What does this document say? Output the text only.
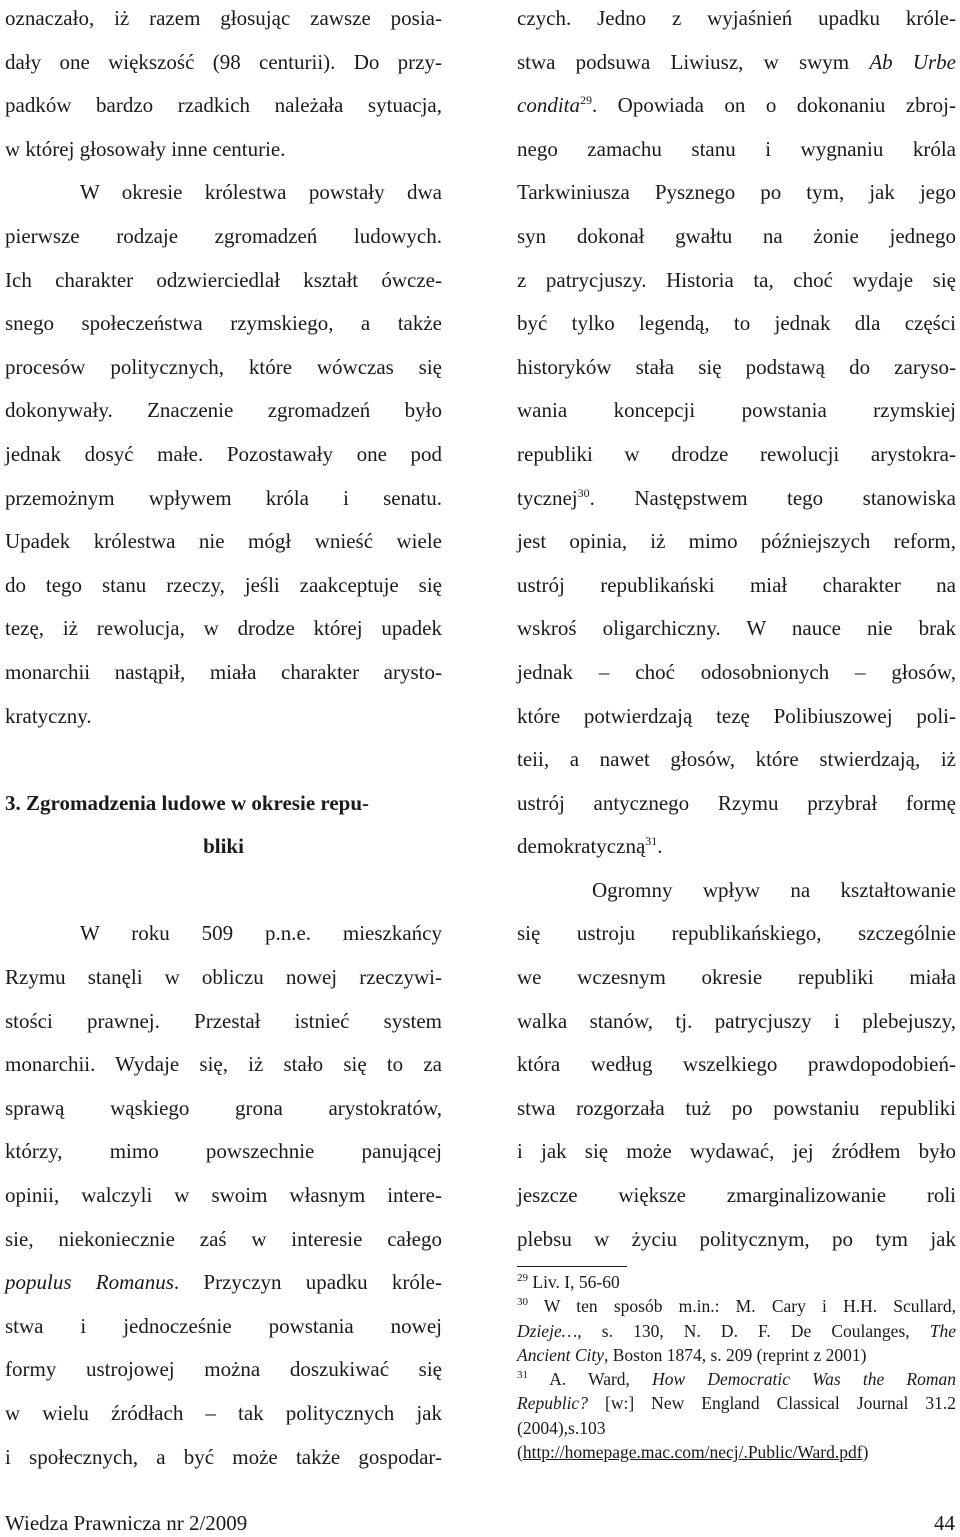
oznaczało, iż razem głosując zawsze posia-
dały one większość (98 centurii). Do przy-
padków bardzo rzadkich należała sytuacja,
w której głosowały inne centurie.
W okresie królestwa powstały dwa
pierwsze rodzaje zgromadzeń ludowych.
Ich charakter odzwierciedlał kształt ówcze-
snego społeczeństwa rzymskiego, a także
procesów politycznych, które wówczas się
dokonywały. Znaczenie zgromadzeń było
jednak dosyć małe. Pozostawały one pod
przemożnym wpływem króla i senatu.
Upadek królestwa nie mógł wnieść wiele
do tego stanu rzeczy, jeśli zaakceptuje się
tezę, iż rewolucja, w drodze której upadek
monarchii nastąpił, miała charakter arysto-
kratyczny.
3. Zgromadzenia ludowe w okresie repu-
bliki
W roku 509 p.n.e. mieszkańcy
Rzymu stanęli w obliczu nowej rzeczywi-
stości prawnej. Przestał istnieć system
monarchii. Wydaje się, iż stało się to za
sprawą wąskiego grona arystokratów,
którzy, mimo powszechnie panującej
opinii, walczyli w swoim własnym intere-
sie, niekoniecznie zaś w interesie całego
populus Romanus. Przyczyn upadku króle-
stwa i jednocześnie powstania nowej
formy ustrojowej można doszukiwać się
w wielu źródłach – tak politycznych jak
i społecznych, a być może także gospodar-
czych. Jedno z wyjaśnień upadku króle-
stwa podsuwa Liwiusz, w swym Ab Urbe
condita$^{29}$. Opowiada on o dokonaniu zbroj-
nego zamachu stanu i wygnaniu króla
Tarkwiniusza Pysznego po tym, jak jego
syn dokonał gwałtu na żonie jednego
z patrycjuszy. Historia ta, choć wydaje się
być tylko legendą, to jednak dla części
historyków stała się podstawą do zaryso-
wania koncepcji powstania rzymskiej
republiki w drodze rewolucji arystokra-
tycznej$^{30}$. Następstwem tego stanowiska
jest opinia, iż mimo późniejszych reform,
ustrój republikański miał charakter na
wskroś oligarchiczny. W nauce nie brak
jednak – choć odosobnionych – głosów,
które potwierdzają tezę Polibiuszowej poli-
teii, a nawet głosów, które stwierdzają, iż
ustrój antycznego Rzymu przybrał formę
demokratyczną$^{31}$.
Ogromny wpływ na kształtowanie
się ustroju republikańskiego, szczególnie
we wczesnym okresie republiki miała
walka stanów, tj. patrycjuszy i plebejuszy,
która według wszelkiego prawdopodobień-
stwa rozgorzała tuż po powstaniu republiki
i jak się może wydawać, jej źródłem było
jeszcze większe zmarginalizowanie roli
plebsu w życiu politycznym, po tym jak
$^{29}$ Liv. I, 56-60
$^{30}$ W ten sposób m.in.: M. Cary i H.H. Scullard,
Dzieje…, s. 130, N. D. F. De Coulanges, The
Ancient City, Boston 1874, s. 209 (reprint z 2001)
$^{31}$ A. Ward, How Democratic Was the Roman
Republic? [w:] New England Classical Journal 31.2
(2004),s.103
(http://homepage.mac.com/necj/.Public/Ward.pdf)
Wiedza Prawnicza nr 2/2009	44
